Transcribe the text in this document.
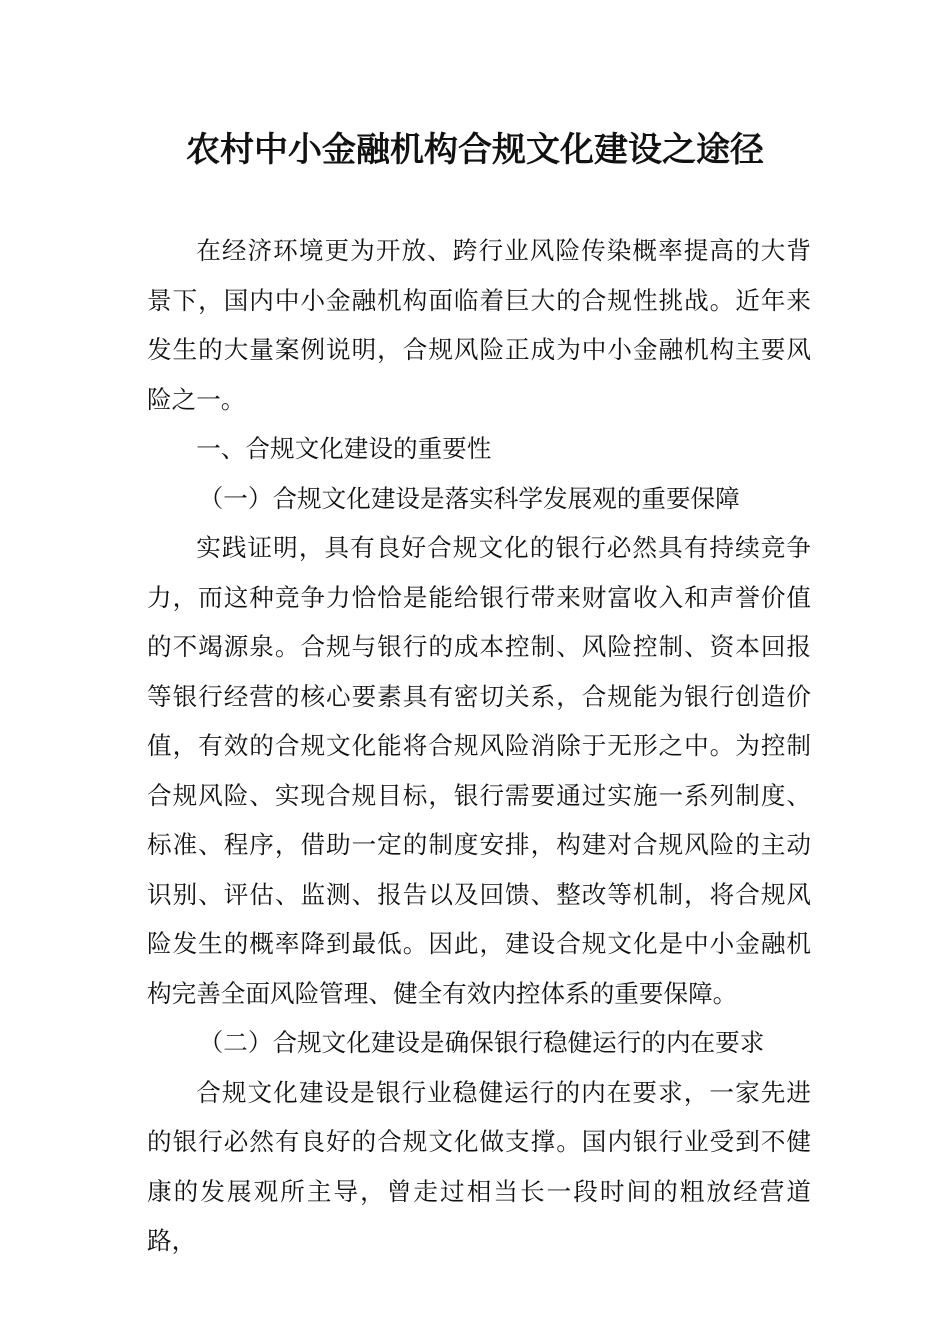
农村中小金融机构合规文化建设之途径

在经济环境更为开放、跨行业风险传染概率提高的大背景下，国内中小金融机构面临着巨大的合规性挑战。近年来发生的大量案例说明，合规风险正成为中小金融机构主要风险之一。

一、合规文化建设的重要性

（一）合规文化建设是落实科学发展观的重要保障

实践证明，具有良好合规文化的银行必然具有持续竞争力，而这种竞争力恰恰是能给银行带来财富收入和声誉价值的不竭源泉。合规与银行的成本控制、风险控制、资本回报等银行经营的核心要素具有密切关系，合规能为银行创造价值，有效的合规文化能将合规风险消除于无形之中。为控制合规风险、实现合规目标，银行需要通过实施一系列制度、标准、程序，借助一定的制度安排，构建对合规风险的主动识别、评估、监测、报告以及回馈、整改等机制，将合规风险发生的概率降到最低。因此，建设合规文化是中小金融机构完善全面风险管理、健全有效内控体系的重要保障。

（二）合规文化建设是确保银行稳健运行的内在要求

合规文化建设是银行业稳健运行的内在要求，一家先进的银行必然有良好的合规文化做支撑。国内银行业受到不健康的发展观所主导，曾走过相当长一段时间的粗放经营道路，
